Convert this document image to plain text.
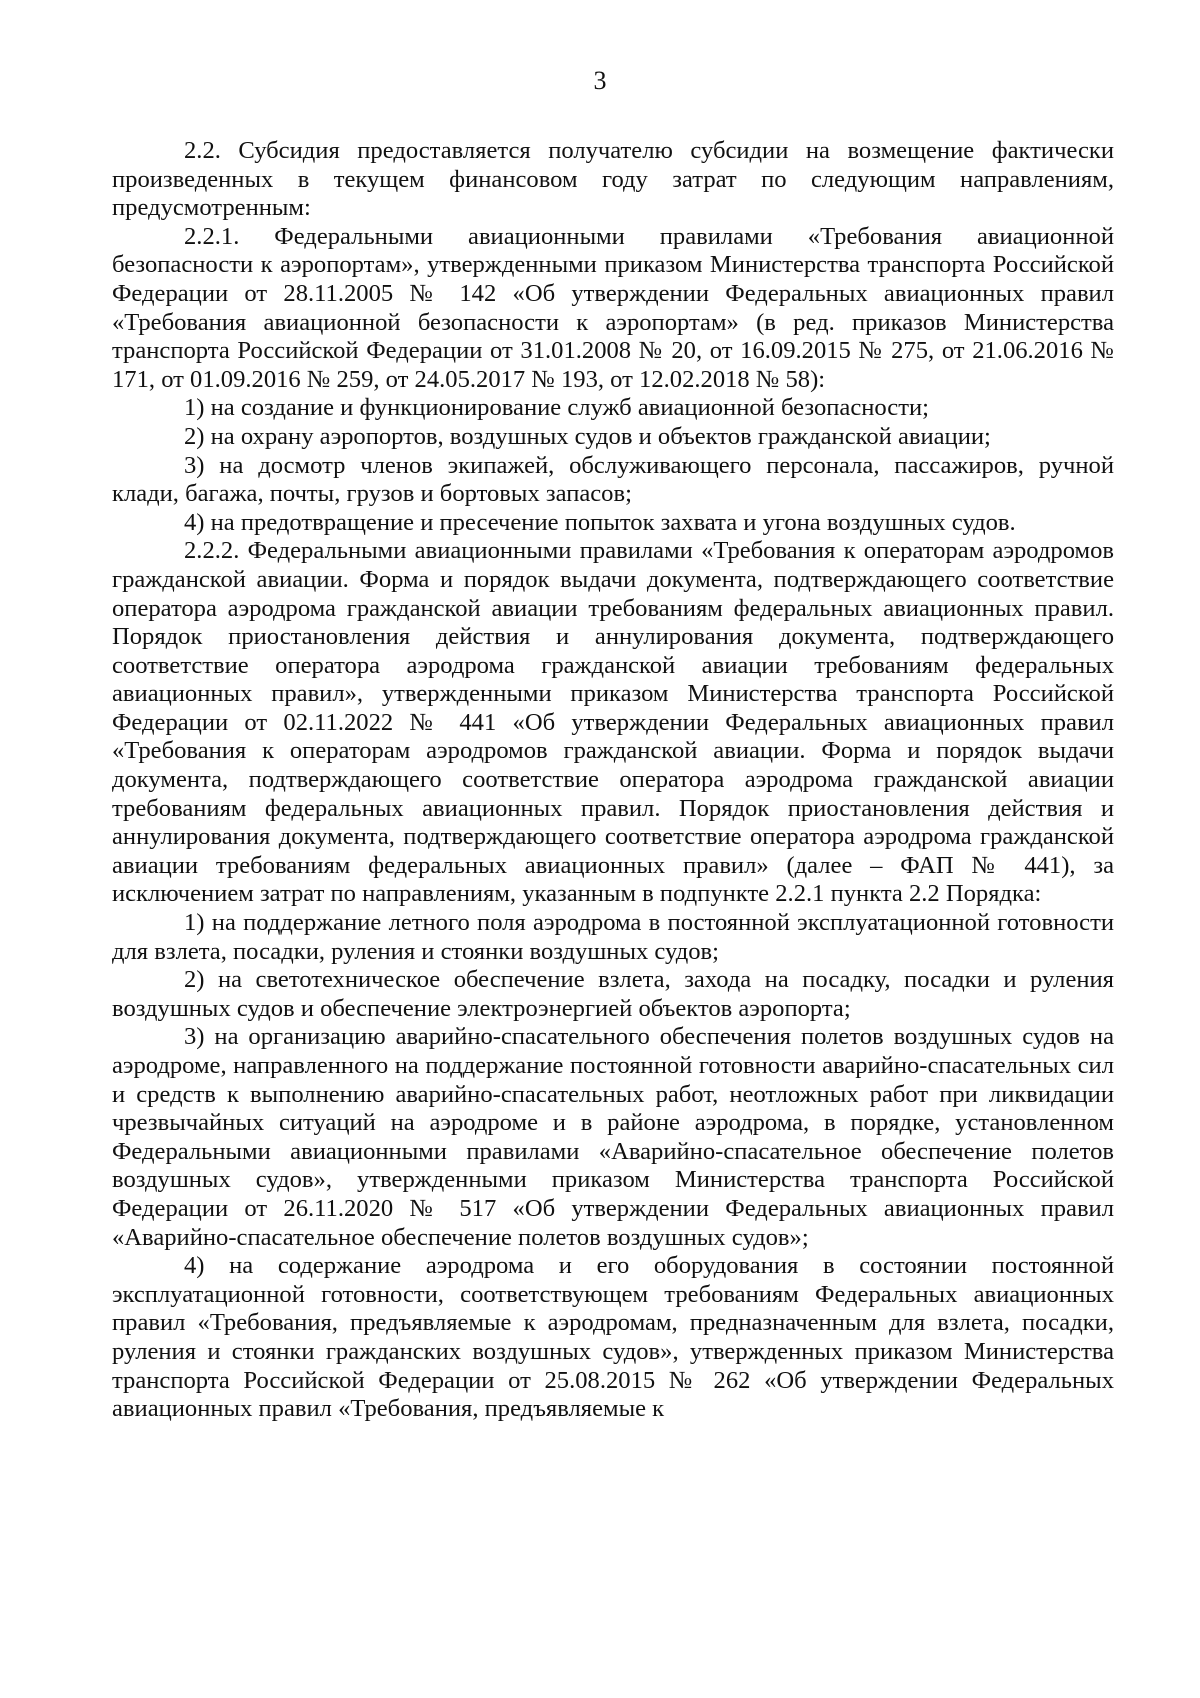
3

2.2. Субсидия предоставляется получателю субсидии на возмещение фактически произведенных в текущем финансовом году затрат по следующим направлениям, предусмотренным:

2.2.1. Федеральными авиационными правилами «Требования авиационной безопасности к аэропортам», утвержденными приказом Министерства транспорта Российской Федерации от 28.11.2005 № 142 «Об утверждении Федеральных авиационных правил «Требования авиационной безопасности к аэропортам» (в ред. приказов Министерства транспорта Российской Федерации от 31.01.2008 № 20, от 16.09.2015 № 275, от 21.06.2016 № 171, от 01.09.2016 № 259, от 24.05.2017 № 193, от 12.02.2018 № 58):

1) на создание и функционирование служб авиационной безопасности;

2) на охрану аэропортов, воздушных судов и объектов гражданской авиации;

3) на досмотр членов экипажей, обслуживающего персонала, пассажиров, ручной клади, багажа, почты, грузов и бортовых запасов;

4) на предотвращение и пресечение попыток захвата и угона воздушных судов.

2.2.2. Федеральными авиационными правилами «Требования к операторам аэродромов гражданской авиации. Форма и порядок выдачи документа, подтверждающего соответствие оператора аэродрома гражданской авиации требованиям федеральных авиационных правил. Порядок приостановления действия и аннулирования документа, подтверждающего соответствие оператора аэродрома гражданской авиации требованиям федеральных авиационных правил», утвержденными приказом Министерства транспорта Российской Федерации от 02.11.2022 № 441 «Об утверждении Федеральных авиационных правил «Требования к операторам аэродромов гражданской авиации. Форма и порядок выдачи документа, подтверждающего соответствие оператора аэродрома гражданской авиации требованиям федеральных авиационных правил. Порядок приостановления действия и аннулирования документа, подтверждающего соответствие оператора аэродрома гражданской авиации требованиям федеральных авиационных правил» (далее – ФАП № 441), за исключением затрат по направлениям, указанным в подпункте 2.2.1 пункта 2.2 Порядка:

1) на поддержание летного поля аэродрома в постоянной эксплуатационной готовности для взлета, посадки, руления и стоянки воздушных судов;

2) на светотехническое обеспечение взлета, захода на посадку, посадки и руления воздушных судов и обеспечение электроэнергией объектов аэропорта;

3) на организацию аварийно-спасательного обеспечения полетов воздушных судов на аэродроме, направленного на поддержание постоянной готовности аварийно-спасательных сил и средств к выполнению аварийно-спасательных работ, неотложных работ при ликвидации чрезвычайных ситуаций на аэродроме и в районе аэродрома, в порядке, установленном Федеральными авиационными правилами «Аварийно-спасательное обеспечение полетов воздушных судов», утвержденными приказом Министерства транспорта Российской Федерации от 26.11.2020 № 517 «Об утверждении Федеральных авиационных правил «Аварийно-спасательное обеспечение полетов воздушных судов»;

4) на содержание аэродрома и его оборудования в состоянии постоянной эксплуатационной готовности, соответствующем требованиям Федеральных авиационных правил «Требования, предъявляемые к аэродромам, предназначенным для взлета, посадки, руления и стоянки гражданских воздушных судов», утвержденных приказом Министерства транспорта Российской Федерации от 25.08.2015 № 262 «Об утверждении Федеральных авиационных правил «Требования, предъявляемые к
